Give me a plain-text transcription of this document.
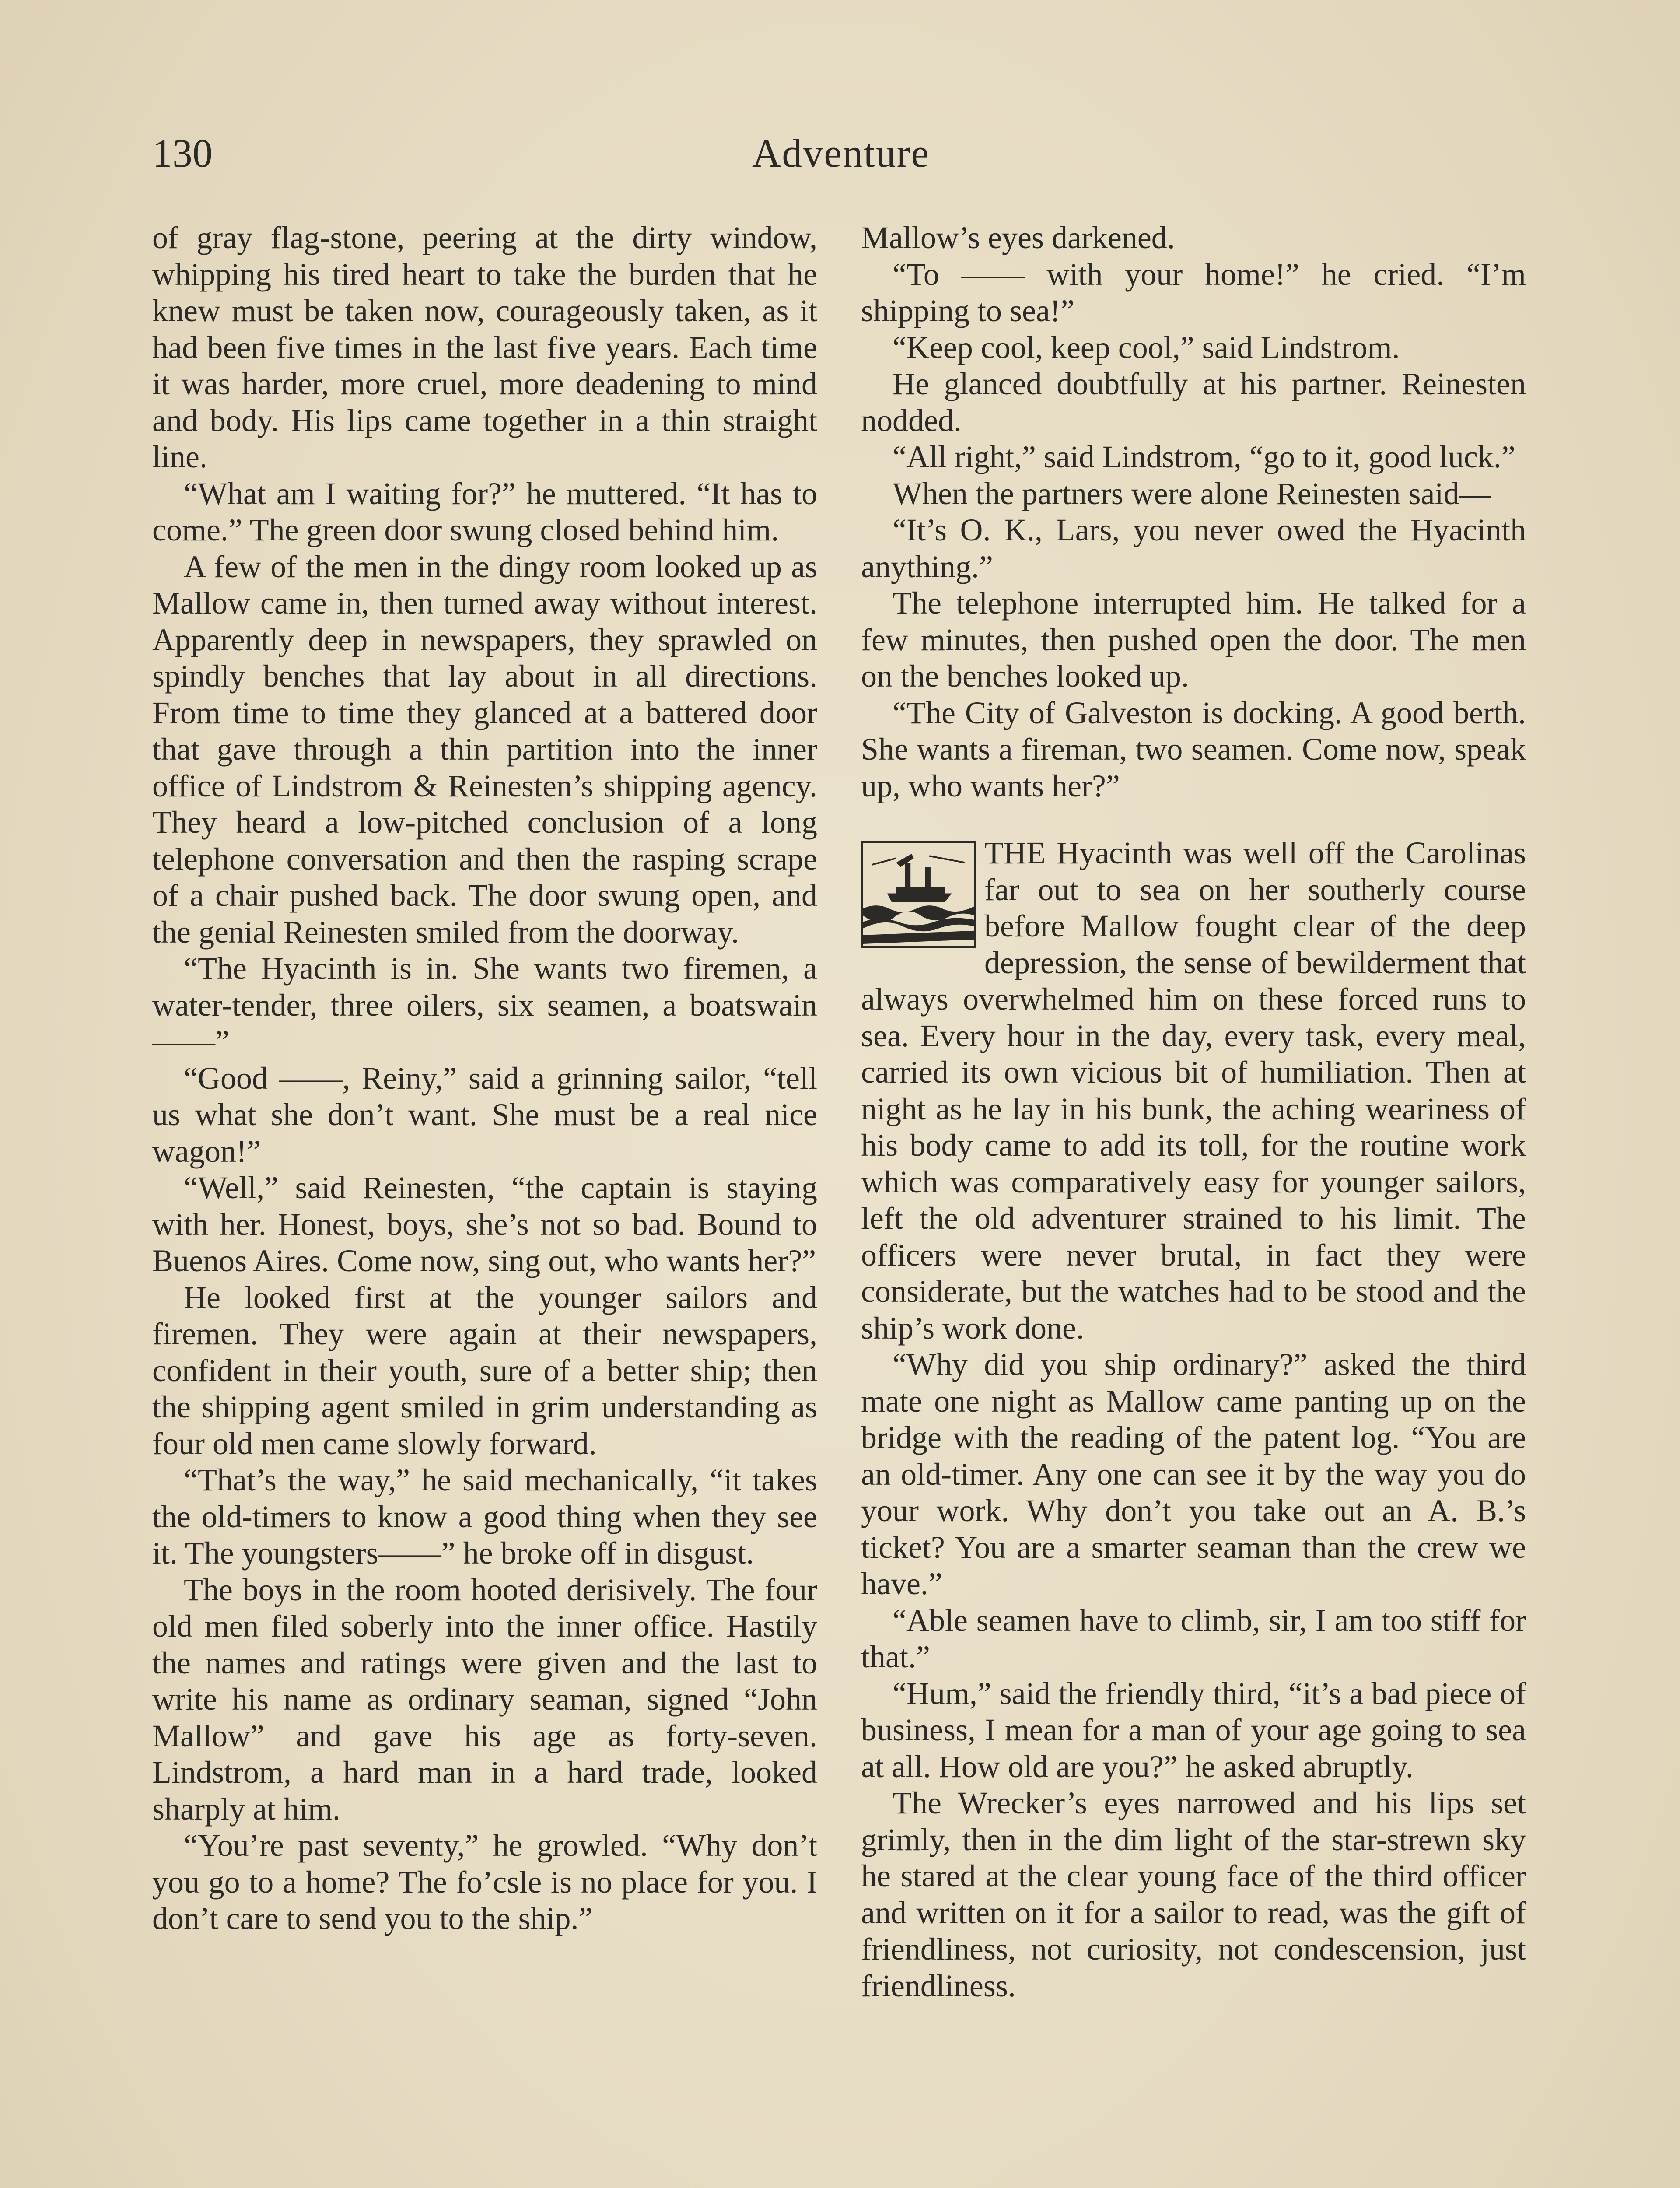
130	Adventure

of gray flag-stone, peering at the dirty window, whipping his tired heart to take the burden that he knew must be taken now, courageously taken, as it had been five times in the last five years. Each time it was harder, more cruel, more deadening to mind and body. His lips came together in a thin straight line.

“What am I waiting for?” he muttered. “It has to come.” The green door swung closed behind him.

A few of the men in the dingy room looked up as Mallow came in, then turned away without interest. Apparently deep in newspapers, they sprawled on spindly benches that lay about in all directions. From time to time they glanced at a battered door that gave through a thin partition into the inner office of Lindstrom & Reinesten’s shipping agency. They heard a low-pitched conclusion of a long telephone conversation and then the rasping scrape of a chair pushed back. The door swung open, and the genial Reinesten smiled from the doorway.

“The Hyacinth is in. She wants two firemen, a water-tender, three oilers, six seamen, a boatswain——”

“Good ——, Reiny,” said a grinning sailor, “tell us what she don’t want. She must be a real nice wagon!”

“Well,” said Reinesten, “the captain is staying with her. Honest, boys, she’s not so bad. Bound to Buenos Aires. Come now, sing out, who wants her?”

He looked first at the younger sailors and firemen. They were again at their newspapers, confident in their youth, sure of a better ship; then the shipping agent smiled in grim understanding as four old men came slowly forward.

“That’s the way,” he said mechanically, “it takes the old-timers to know a good thing when they see it. The youngsters——” he broke off in disgust.

The boys in the room hooted derisively. The four old men filed soberly into the inner office. Hastily the names and ratings were given and the last to write his name as ordinary seaman, signed “John Mallow” and gave his age as forty-seven. Lindstrom, a hard man in a hard trade, looked sharply at him.

“You’re past seventy,” he growled. “Why don’t you go to a home? The fo’csle is no place for you. I don’t care to send you to the ship.”

Mallow’s eyes darkened.

“To —— with your home!” he cried. “I’m shipping to sea!”

“Keep cool, keep cool,” said Lindstrom.

He glanced doubtfully at his partner. Reinesten nodded.

“All right,” said Lindstrom, “go to it, good luck.”

When the partners were alone Reinesten said—

“It’s O. K., Lars, you never owed the Hyacinth anything.”

The telephone interrupted him. He talked for a few minutes, then pushed open the door. The men on the benches looked up.

“The City of Galveston is docking. A good berth. She wants a fireman, two seamen. Come now, speak up, who wants her?”

THE Hyacinth was well off the Carolinas far out to sea on her southerly course before Mallow fought clear of the deep depression, the sense of bewilderment that always overwhelmed him on these forced runs to sea. Every hour in the day, every task, every meal, carried its own vicious bit of humiliation. Then at night as he lay in his bunk, the aching weariness of his body came to add its toll, for the routine work which was comparatively easy for younger sailors, left the old adventurer strained to his limit. The officers were never brutal, in fact they were considerate, but the watches had to be stood and the ship’s work done.

“Why did you ship ordinary?” asked the third mate one night as Mallow came panting up on the bridge with the reading of the patent log. “You are an old-timer. Any one can see it by the way you do your work. Why don’t you take out an A. B.’s ticket? You are a smarter seaman than the crew we have.”

“Able seamen have to climb, sir, I am too stiff for that.”

“Hum,” said the friendly third, “it’s a bad piece of business, I mean for a man of your age going to sea at all. How old are you?” he asked abruptly.

The Wrecker’s eyes narrowed and his lips set grimly, then in the dim light of the star-strewn sky he stared at the clear young face of the third officer and written on it for a sailor to read, was the gift of friendliness, not curiosity, not condescension, just friendliness.
